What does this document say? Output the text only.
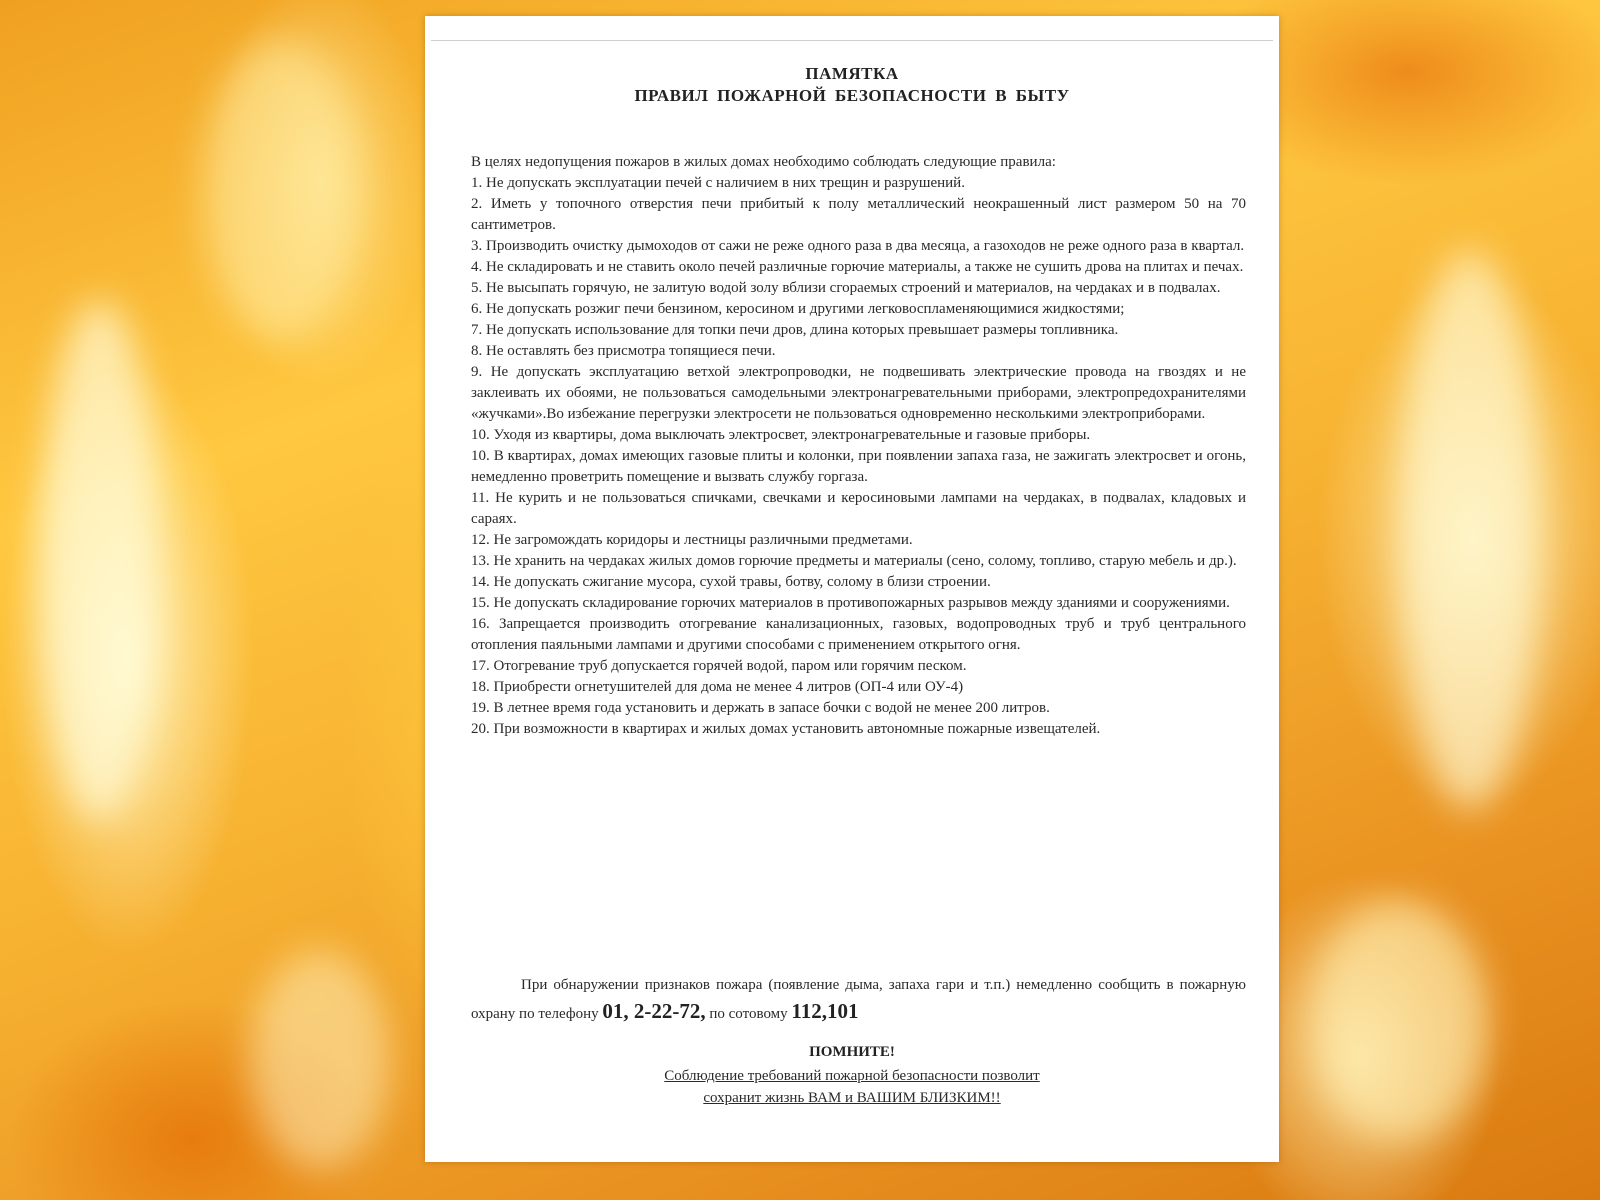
ПАМЯТКА
ПРАВИЛ ПОЖАРНОЙ БЕЗОПАСНОСТИ В БЫТУ

В целях недопущения пожаров в жилых домах необходимо соблюдать следующие правила:

1. Не допускать эксплуатации печей с наличием в них трещин и разрушений.

2. Иметь у топочного отверстия печи прибитый к полу металлический неокрашенный лист размером 50 на 70 сантиметров.

3. Производить очистку дымоходов от сажи не реже одного раза в два месяца, а газоходов не реже одного раза в квартал.

4. Не складировать и не ставить около печей различные горючие материалы, а также не сушить дрова на плитах и печах.

5. Не высыпать горячую, не залитую водой золу вблизи сгораемых строений и материалов, на чердаках и в подвалах.

6. Не допускать розжиг печи бензином, керосином и другими легковоспламеняющимися жидкостями;

7. Не допускать использование для топки печи дров, длина которых превышает размеры топливника.

8. Не оставлять без присмотра топящиеся печи.

9. Не допускать эксплуатацию ветхой электропроводки, не подвешивать электрические провода на гвоздях и не заклеивать их обоями, не пользоваться самодельными электронагревательными приборами, электропредохранителями «жучками».Во избежание перегрузки электросети не пользоваться одновременно несколькими электроприборами.

10. Уходя из квартиры, дома выключать электросвет, электронагревательные и газовые приборы.

10. В квартирах, домах имеющих газовые плиты и колонки, при появлении запаха газа, не зажигать электросвет и огонь, немедленно проветрить помещение и вызвать службу горгаза.

11. Не курить и не пользоваться спичками, свечками и керосиновыми лампами на чердаках, в подвалах, кладовых и сараях.

12. Не загромождать коридоры и лестницы различными предметами.

13. Не хранить на чердаках жилых домов горючие предметы и материалы (сено, солому, топливо, старую мебель и др.).

14. Не допускать сжигание мусора, сухой травы, ботву, солому в близи строении.

15. Не допускать складирование горючих материалов в противопожарных разрывов между зданиями и сооружениями.

16. Запрещается производить отогревание канализационных, газовых, водопроводных труб и труб центрального отопления паяльными лампами и другими способами с применением открытого огня.

17. Отогревание труб допускается горячей водой, паром или горячим песком.

18. Приобрести огнетушителей для дома не менее 4 литров (ОП-4 или ОУ-4)

19. В летнее время года установить и держать в запасе бочки с водой не менее 200 литров.

20. При возможности в квартирах и жилых домах установить автономные пожарные извещателей.

При обнаружении признаков пожара (появление дыма, запаха гари и т.п.) немедленно сообщить в пожарную охрану по телефону 01, 2-22-72, по сотовому 112,101
ПОМНИТЕ!
Соблюдение требований пожарной безопасности позволит
сохранит жизнь ВАМ и ВАШИМ БЛИЗКИМ!!
